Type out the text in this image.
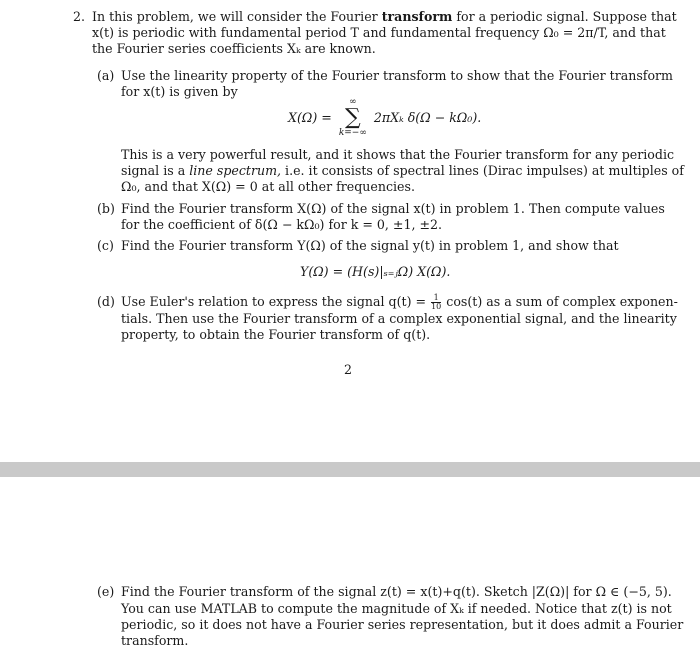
2. In this problem, we will consider the Fourier transform for a periodic signal. Suppose that
x(t) is periodic with fundamental period T and fundamental frequency Ω₀ = 2π/T, and that
the Fourier series coefficients Xₖ are known.
(a) Use the linearity property of the Fourier transform to show that the Fourier transform
for x(t) is given by
X(Ω) =
∞
∑
k=−∞
2πXₖ δ(Ω − kΩ₀).
This is a very powerful result, and it shows that the Fourier transform for any periodic
signal is a line spectrum, i.e. it consists of spectral lines (Dirac impulses) at multiples of
Ω₀, and that X(Ω) = 0 at all other frequencies.
(b) Find the Fourier transform X(Ω) of the signal x(t) in problem 1. Then compute values
for the coefficient of δ(Ω − kΩ₀) for k = 0, ±1, ±2.
(c) Find the Fourier transform Y(Ω) of the signal y(t) in problem 1, and show that
Y(Ω) = (H(s)|ₛ₌ⱼΩ) X(Ω).
(d) Use Euler's relation to express the signal $q(t) = \frac{1}{10} \cos(t)$ as a sum of complex exponen-
tials. Then use the Fourier transform of a complex exponential signal, and the linearity
property, to obtain the Fourier transform of q(t).
2
(e) Find the Fourier transform of the signal z(t) = x(t)+q(t). Sketch |Z(Ω)| for Ω ∈ (−5, 5).
You can use MATLAB to compute the magnitude of Xₖ if needed. Notice that z(t) is not
periodic, so it does not have a Fourier series representation, but it does admit a Fourier
transform.
